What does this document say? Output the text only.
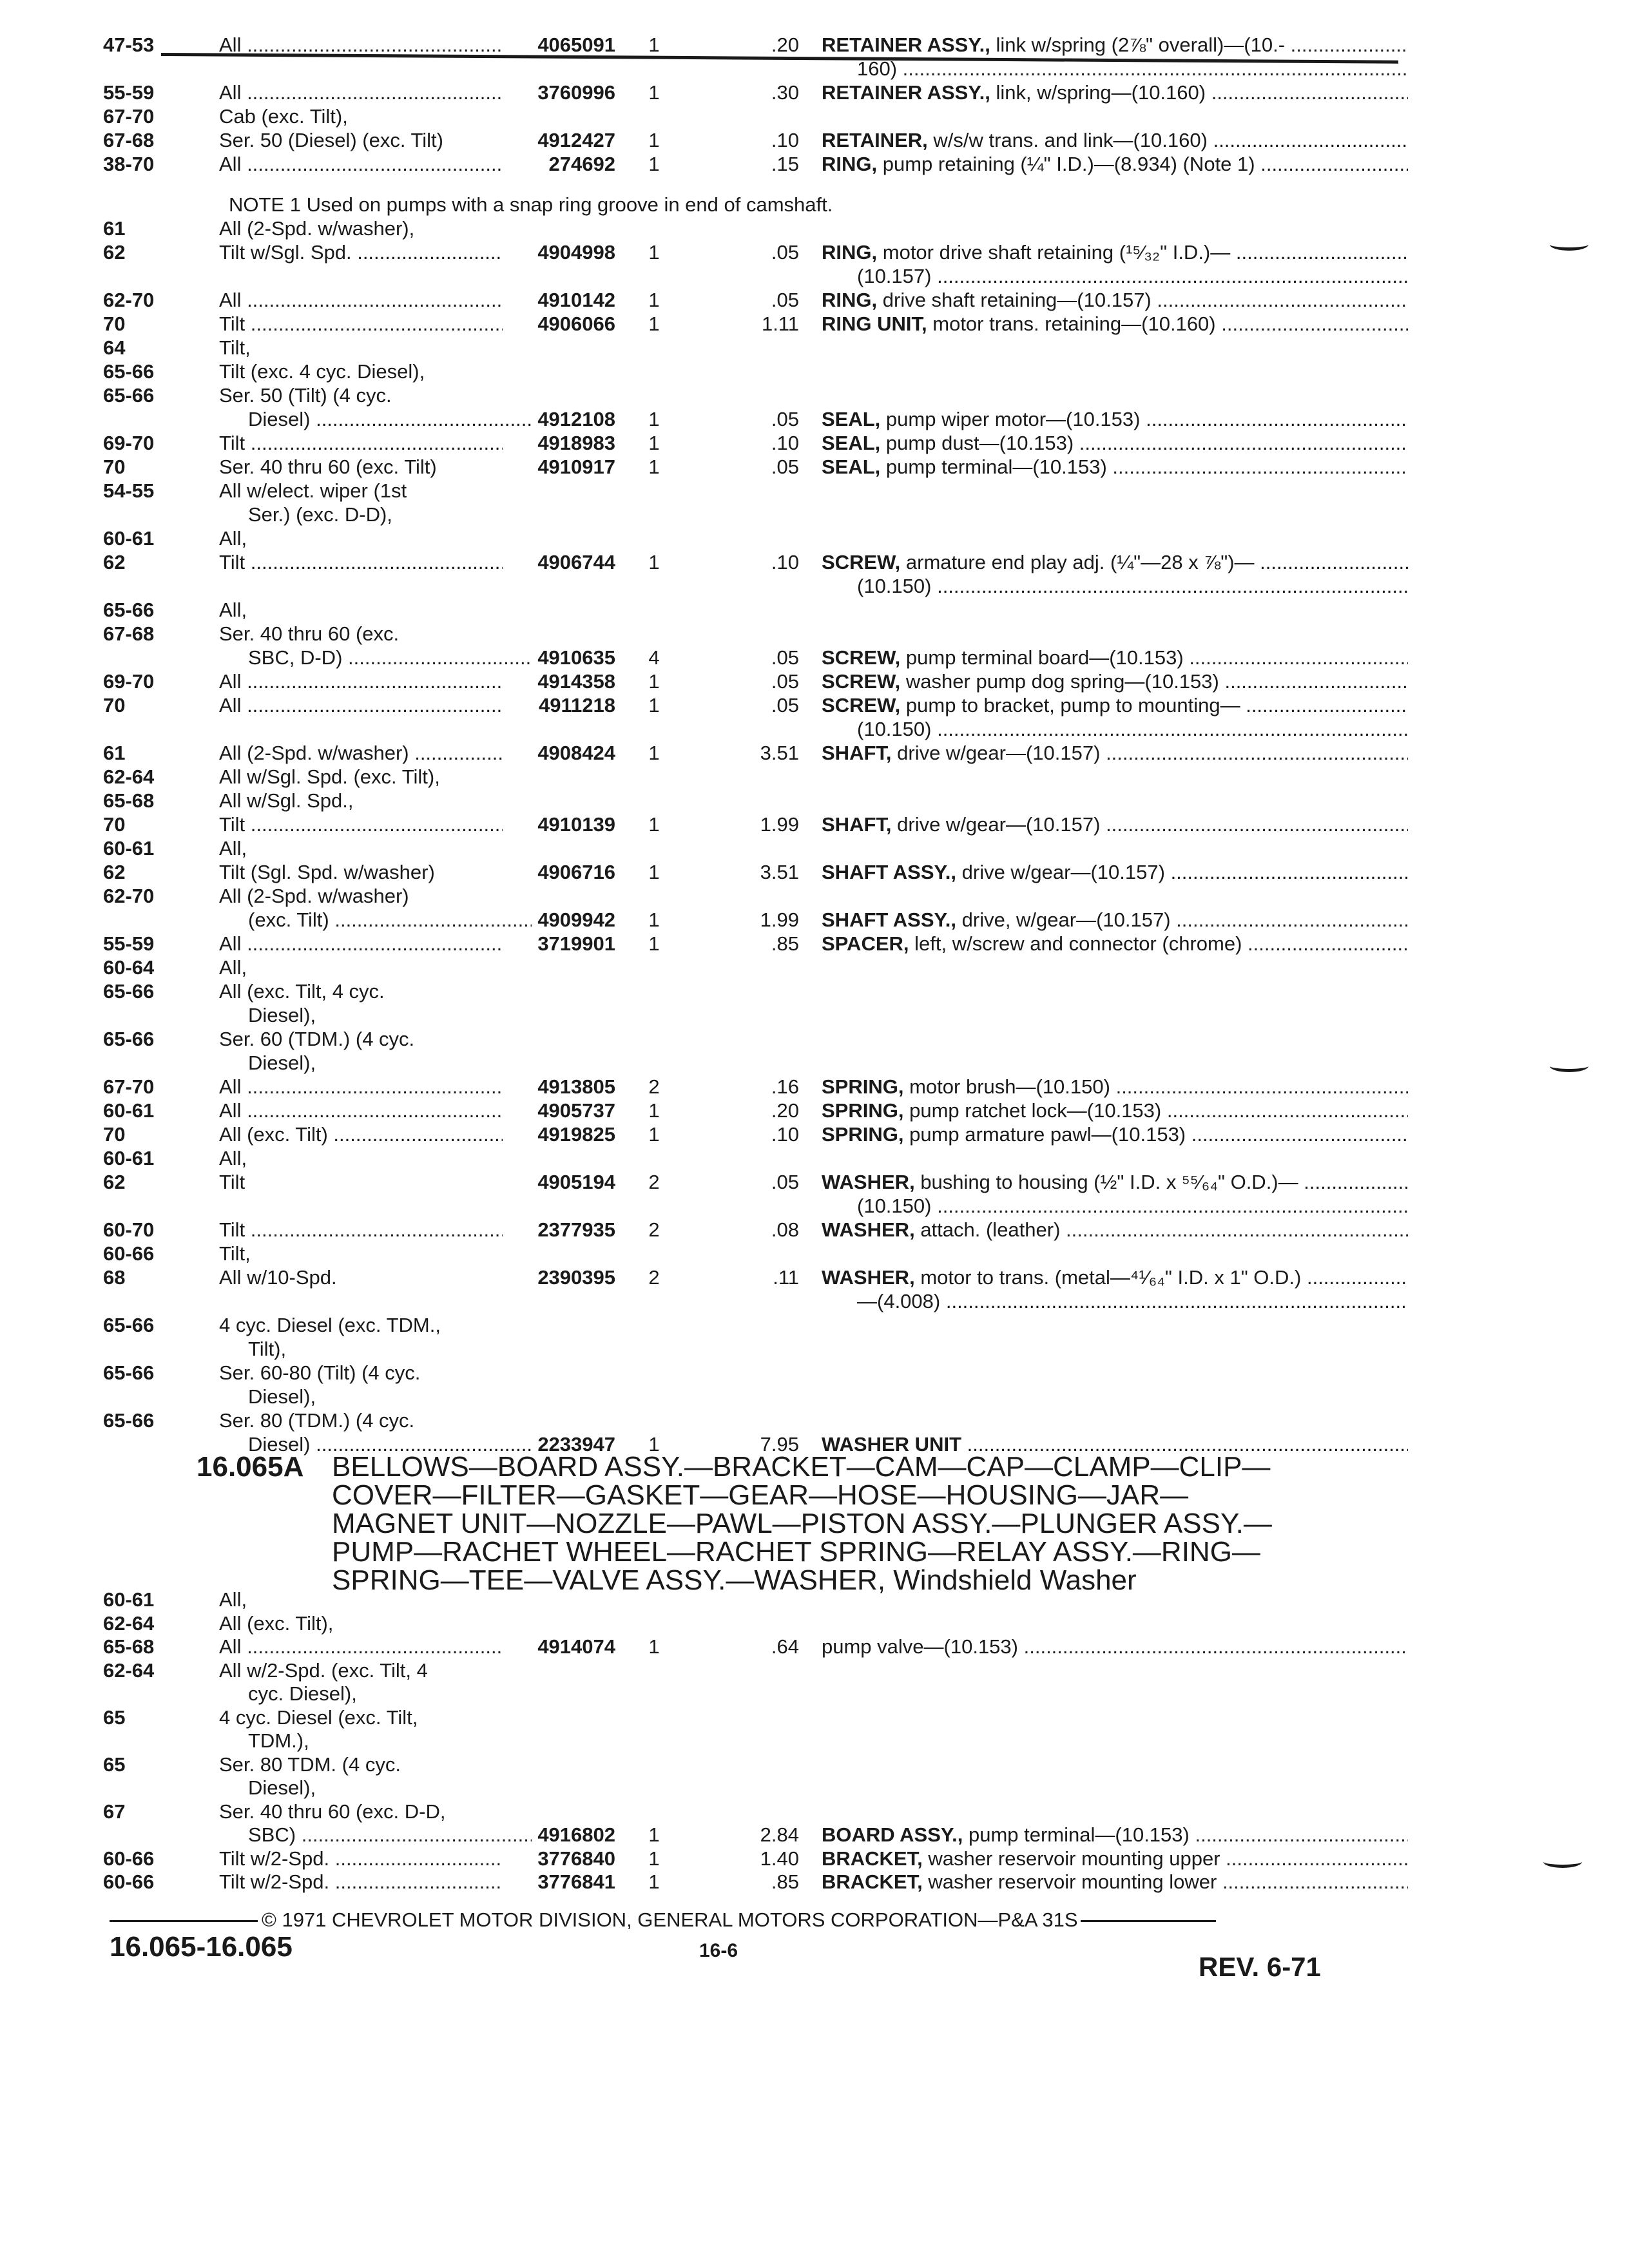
47-53	All .....	4065091	1	.20 RETAINER ASSY., link w/spring (2⅞" overall)—(10.- .....
160) .....
55-59	All .....	3760996	1	.30 RETAINER ASSY., link, w/spring—(10.160) .....
67-70	Cab (exc. Tilt),
67-68	Ser. 50 (Diesel) (exc. Tilt)	4912427	1	.10 RETAINER, w/s/w trans. and link—(10.160) .....
38-70	All .....	274692	1	.15 RING, pump retaining (¼" I.D.)—(8.934) (Note 1) .....
NOTE 1 Used on pumps with a snap ring groove in end of camshaft.
61	All (2-Spd. w/washer),
62	Tilt w/Sgl. Spd. .....	4904998	1	.05 RING, motor drive shaft retaining (¹⁵⁄₃₂" I.D.)— .....
(10.157) .....
62-70	All .....	4910142	1	.05 RING, drive shaft retaining—(10.157) .....
70	Tilt .....	4906066	1	1.11 RING UNIT, motor trans. retaining—(10.160) .....
64	Tilt,
65-66	Tilt (exc. 4 cyc. Diesel),
65-66	Ser. 50 (Tilt) (4 cyc.
Diesel) .....	4912108	1	.05 SEAL, pump wiper motor—(10.153) .....
69-70	Tilt .....	4918983	1	.10 SEAL, pump dust—(10.153) .....
70	Ser. 40 thru 60 (exc. Tilt)	4910917	1	.05 SEAL, pump terminal—(10.153) .....
54-55	All w/elect. wiper (1st
Ser.) (exc. D-D),
60-61	All,
62	Tilt .....	4906744	1	.10 SCREW, armature end play adj. (¼"—28 x ⅞")— .....
(10.150) .....
65-66	All,
67-68	Ser. 40 thru 60 (exc.
SBC, D-D) .....	4910635	4	.05 SCREW, pump terminal board—(10.153) .....
69-70	All .....	4914358	1	.05 SCREW, washer pump dog spring—(10.153) .....
70	All .....	4911218	1	.05 SCREW, pump to bracket, pump to mounting— .....
(10.150) .....
61	All (2-Spd. w/washer) .....	4908424	1	3.51 SHAFT, drive w/gear—(10.157) .....
62-64	All w/Sgl. Spd. (exc. Tilt),
65-68	All w/Sgl. Spd.,
70	Tilt .....	4910139	1	1.99 SHAFT, drive w/gear—(10.157) .....
60-61	All,
62	Tilt (Sgl. Spd. w/washer)	4906716	1	3.51 SHAFT ASSY., drive w/gear—(10.157) .....
62-70	All (2-Spd. w/washer)
(exc. Tilt) .....	4909942	1	1.99 SHAFT ASSY., drive, w/gear—(10.157) .....
55-59	All .....	3719901	1	.85 SPACER, left, w/screw and connector (chrome) .....
60-64	All,
65-66	All (exc. Tilt, 4 cyc.
Diesel),
65-66	Ser. 60 (TDM.) (4 cyc.
Diesel),
67-70	All .....	4913805	2	.16 SPRING, motor brush—(10.150) .....
60-61	All .....	4905737	1	.20 SPRING, pump ratchet lock—(10.153) .....
70	All (exc. Tilt) .....	4919825	1	.10 SPRING, pump armature pawl—(10.153) .....
60-61	All,
62	Tilt	4905194	2	.05 WASHER, bushing to housing (½" I.D. x ⁵⁵⁄₆₄" O.D.)— .....
(10.150) .....
60-70	Tilt .....	2377935	2	.08 WASHER, attach. (leather) .....
60-66	Tilt,
68	All w/10-Spd.	2390395	2	.11 WASHER, motor to trans. (metal—⁴¹⁄₆₄" I.D. x 1" O.D.) .....
—(4.008) .....
65-66	4 cyc. Diesel (exc. TDM.,
Tilt),
65-66	Ser. 60-80 (Tilt) (4 cyc.
Diesel),
65-66	Ser. 80 (TDM.) (4 cyc.
Diesel) .....	2233947	1	7.95 WASHER UNIT .....
60-61	All,
62-64	All (exc. Tilt),
65-68	All .....	4914074	1	.64 pump valve—(10.153) .....
62-64	All w/2-Spd. (exc. Tilt, 4
cyc. Diesel),
65	4 cyc. Diesel (exc. Tilt,
TDM.),
65	Ser. 80 TDM. (4 cyc.
Diesel),
67	Ser. 40 thru 60 (exc. D-D,
SBC) .....	4916802	1	2.84 BOARD ASSY., pump terminal—(10.153) .....
60-66	Tilt w/2-Spd. .....	3776840	1	1.40 BRACKET, washer reservoir mounting upper .....
60-66	Tilt w/2-Spd. .....	3776841	1	.85 BRACKET, washer reservoir mounting lower .....
16.065A BELLOWS—BOARD ASSY.—BRACKET—CAM—CAP—CLAMP—CLIP—
COVER—FILTER—GASKET—GEAR—HOSE—HOUSING—JAR—
MAGNET UNIT—NOZZLE—PAWL—PISTON ASSY.—PLUNGER ASSY.—
PUMP—RACHET WHEEL—RACHET SPRING—RELAY ASSY.—RING—
SPRING—TEE—VALVE ASSY.—WASHER, Windshield Washer
© 1971 CHEVROLET MOTOR DIVISION, GENERAL MOTORS CORPORATION—P&A 31S
16.065-16.065	16-6
REV. 6-71
